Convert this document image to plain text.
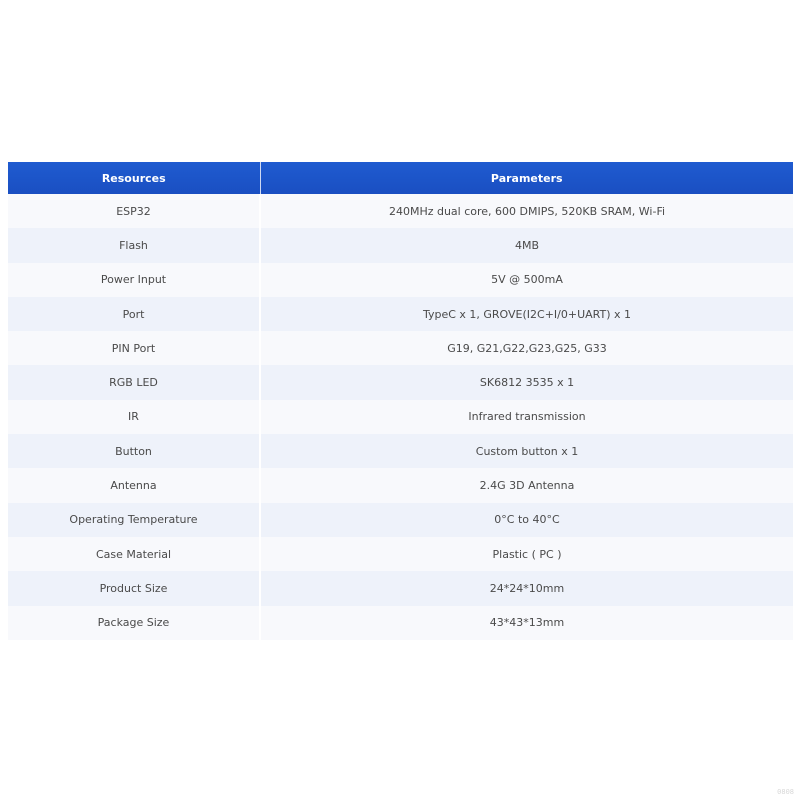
Resources	Parameters
ESP32	240MHz dual core, 600 DMIPS, 520KB SRAM, Wi-Fi
Flash	4MB
Power Input	5V @ 500mA
Port	TypeC x 1, GROVE(I2C+I/0+UART) x 1
PIN Port	G19, G21,G22,G23,G25, G33
RGB LED	SK6812 3535 x 1
IR	Infrared transmission
Button	Custom button x 1
Antenna	2.4G 3D Antenna
Operating Temperature	0°C to 40°C
Case Material	Plastic ( PC )
Product Size	24*24*10mm
Package Size	43*43*13mm
0808
